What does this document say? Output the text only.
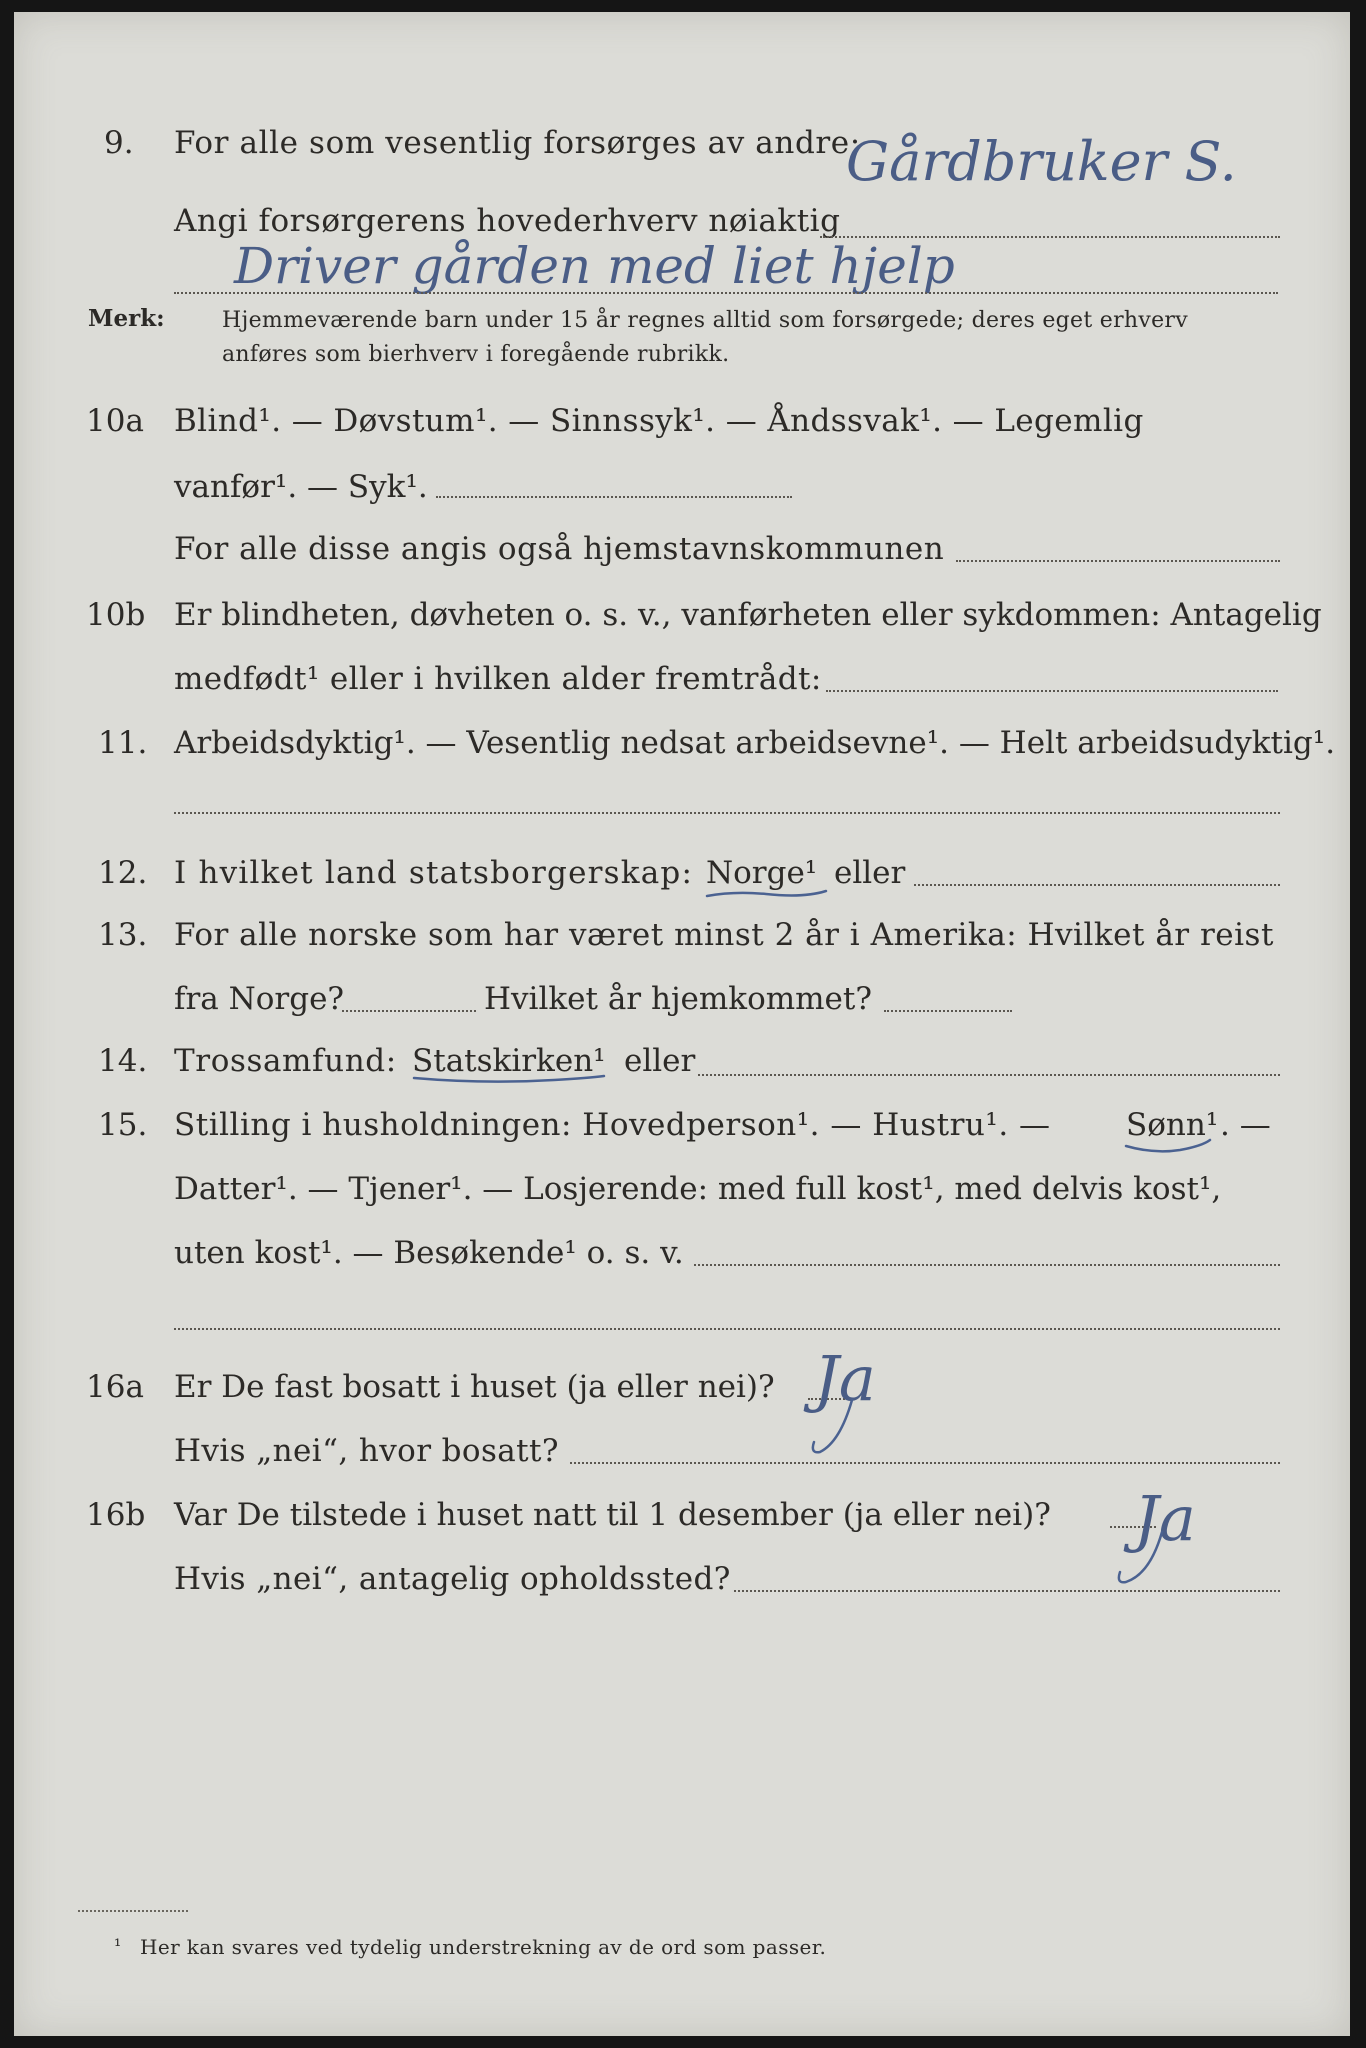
9. For alle som vesentlig forsørges av andre:
Gårdbruker S.
Angi forsørgerens hovederhverv nøiaktig
Driver gården med liet hjelp
Merk:	Hjemmeværende barn under 15 år regnes alltid som forsørgede; deres eget erhverv
anføres som bierhverv i foregående rubrikk.
10a Blind¹. — Døvstum¹. — Sinnssyk¹. — Åndssvak¹. — Legemlig
vanfør¹. — Syk¹.
For alle disse angis også hjemstavnskommunen
10b Er blindheten, døvheten o. s. v., vanførheten eller sykdommen: Antagelig
medfødt¹ eller i hvilken alder fremtrådt:
11. Arbeidsdyktig¹. — Vesentlig nedsat arbeidsevne¹. — Helt arbeidsudyktig¹.
12. I hvilket land statsborgerskap: Norge¹ eller
13. For alle norske som har været minst 2 år i Amerika: Hvilket år reist
fra Norge?	Hvilket år hjemkommet?
14. Trossamfund: Statskirken¹ eller
15. Stilling i husholdningen: Hovedperson¹. — Hustru¹. — Sønn¹ . —
Datter¹. — Tjener¹. — Losjerende: med full kost¹, med delvis kost¹,
uten kost¹. — Besøkende¹ o. s. v.
16a Er De fast bosatt i huset (ja eller nei)? Ja
Hvis „nei“, hvor bosatt?
16b Var De tilstede i huset natt til 1 desember (ja eller nei)? Ja
Hvis „nei“, antagelig opholdssted?
¹ Her kan svares ved tydelig understrekning av de ord som passer.
